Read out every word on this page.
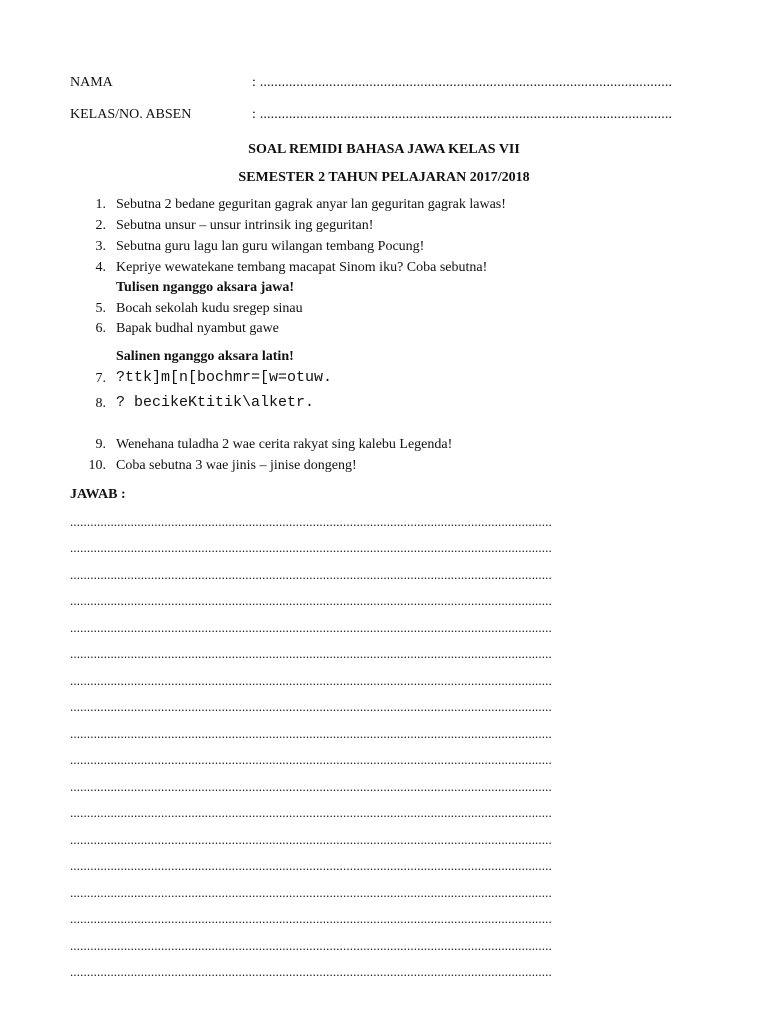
NAMA	: .................................................................................................................
KELAS/NO. ABSEN	: .................................................................................................................
SOAL REMIDI BAHASA JAWA KELAS VII
SEMESTER 2 TAHUN PELAJARAN 2017/2018
1. Sebutna 2 bedane geguritan gagrak anyar lan geguritan gagrak lawas!
2. Sebutna unsur – unsur intrinsik ing geguritan!
3. Sebutna guru lagu lan guru wilangan tembang Pocung!
4. Kepriye wewatekane tembang macapat Sinom iku? Coba sebutna!
Tulisen nganggo aksara jawa!
5. Bocah sekolah kudu sregep sinau
6. Bapak budhal nyambut gawe
Salinen nganggo aksara latin!
7. ?ttk]m[n[bochmr=[w=otuw.
8. ? becikeKtitik\alketr.
9. Wenehana tuladha 2 wae cerita rakyat sing kalebu Legenda!
10. Coba sebutna 3 wae jinis – jinise dongeng!
JAWAB :
...............................................................................................................................................
...............................................................................................................................................
...............................................................................................................................................
...............................................................................................................................................
...............................................................................................................................................
...............................................................................................................................................
...............................................................................................................................................
...............................................................................................................................................
...............................................................................................................................................
...............................................................................................................................................
...............................................................................................................................................
...............................................................................................................................................
...............................................................................................................................................
...............................................................................................................................................
...............................................................................................................................................
...............................................................................................................................................
...............................................................................................................................................
...............................................................................................................................................
